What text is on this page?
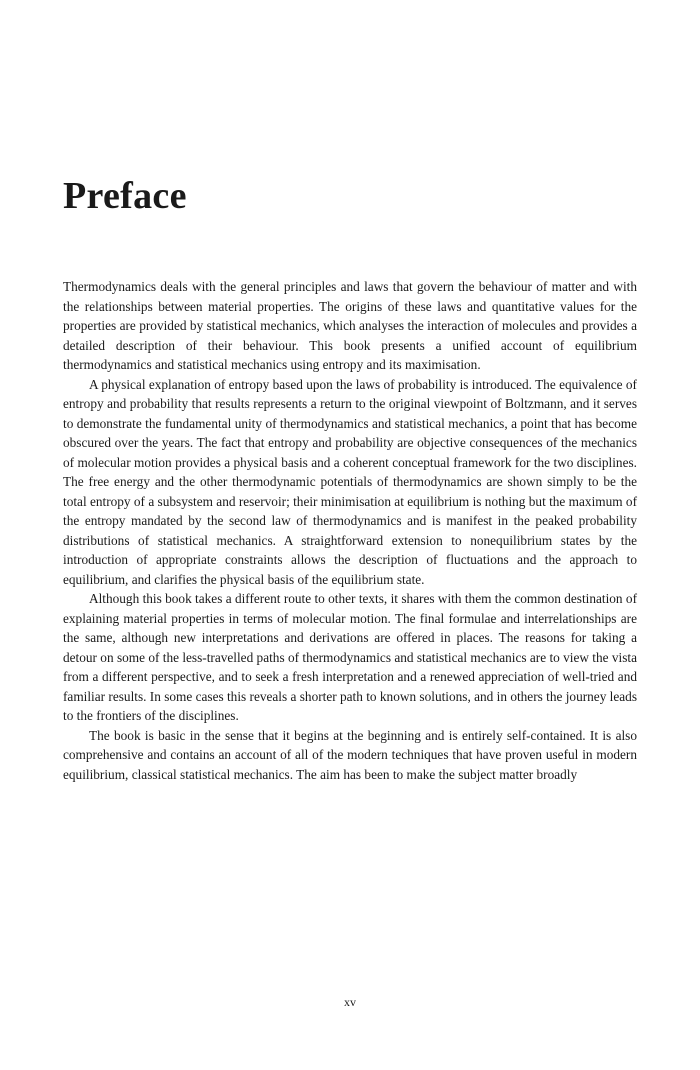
Preface

Thermodynamics deals with the general principles and laws that govern the behaviour of matter and with the relationships between material properties. The origins of these laws and quantitative values for the properties are provided by statistical mechanics, which analyses the interaction of molecules and provides a detailed description of their behaviour. This book presents a unified account of equilibrium thermodynamics and statistical mechanics using entropy and its maximisation.

A physical explanation of entropy based upon the laws of probability is introduced. The equivalence of entropy and probability that results represents a return to the original viewpoint of Boltzmann, and it serves to demonstrate the fundamental unity of thermodynamics and statistical mechanics, a point that has become obscured over the years. The fact that entropy and probability are objective consequences of the mechanics of molecular motion provides a physical basis and a coherent conceptual framework for the two disciplines. The free energy and the other thermodynamic potentials of thermodynamics are shown simply to be the total entropy of a subsystem and reservoir; their minimisation at equilibrium is nothing but the maximum of the entropy mandated by the second law of thermodynamics and is manifest in the peaked probability distributions of statistical mechanics. A straightforward extension to nonequilibrium states by the introduction of appropriate constraints allows the description of fluctuations and the approach to equilibrium, and clarifies the physical basis of the equilibrium state.

Although this book takes a different route to other texts, it shares with them the common destination of explaining material properties in terms of molecular motion. The final formulae and interrelationships are the same, although new interpretations and derivations are offered in places. The reasons for taking a detour on some of the less-travelled paths of thermodynamics and statistical mechanics are to view the vista from a different perspective, and to seek a fresh interpretation and a renewed appreciation of well-tried and familiar results. In some cases this reveals a shorter path to known solutions, and in others the journey leads to the frontiers of the disciplines.

The book is basic in the sense that it begins at the beginning and is entirely self-contained. It is also comprehensive and contains an account of all of the modern techniques that have proven useful in modern equilibrium, classical statistical mechanics. The aim has been to make the subject matter broadly

xv
